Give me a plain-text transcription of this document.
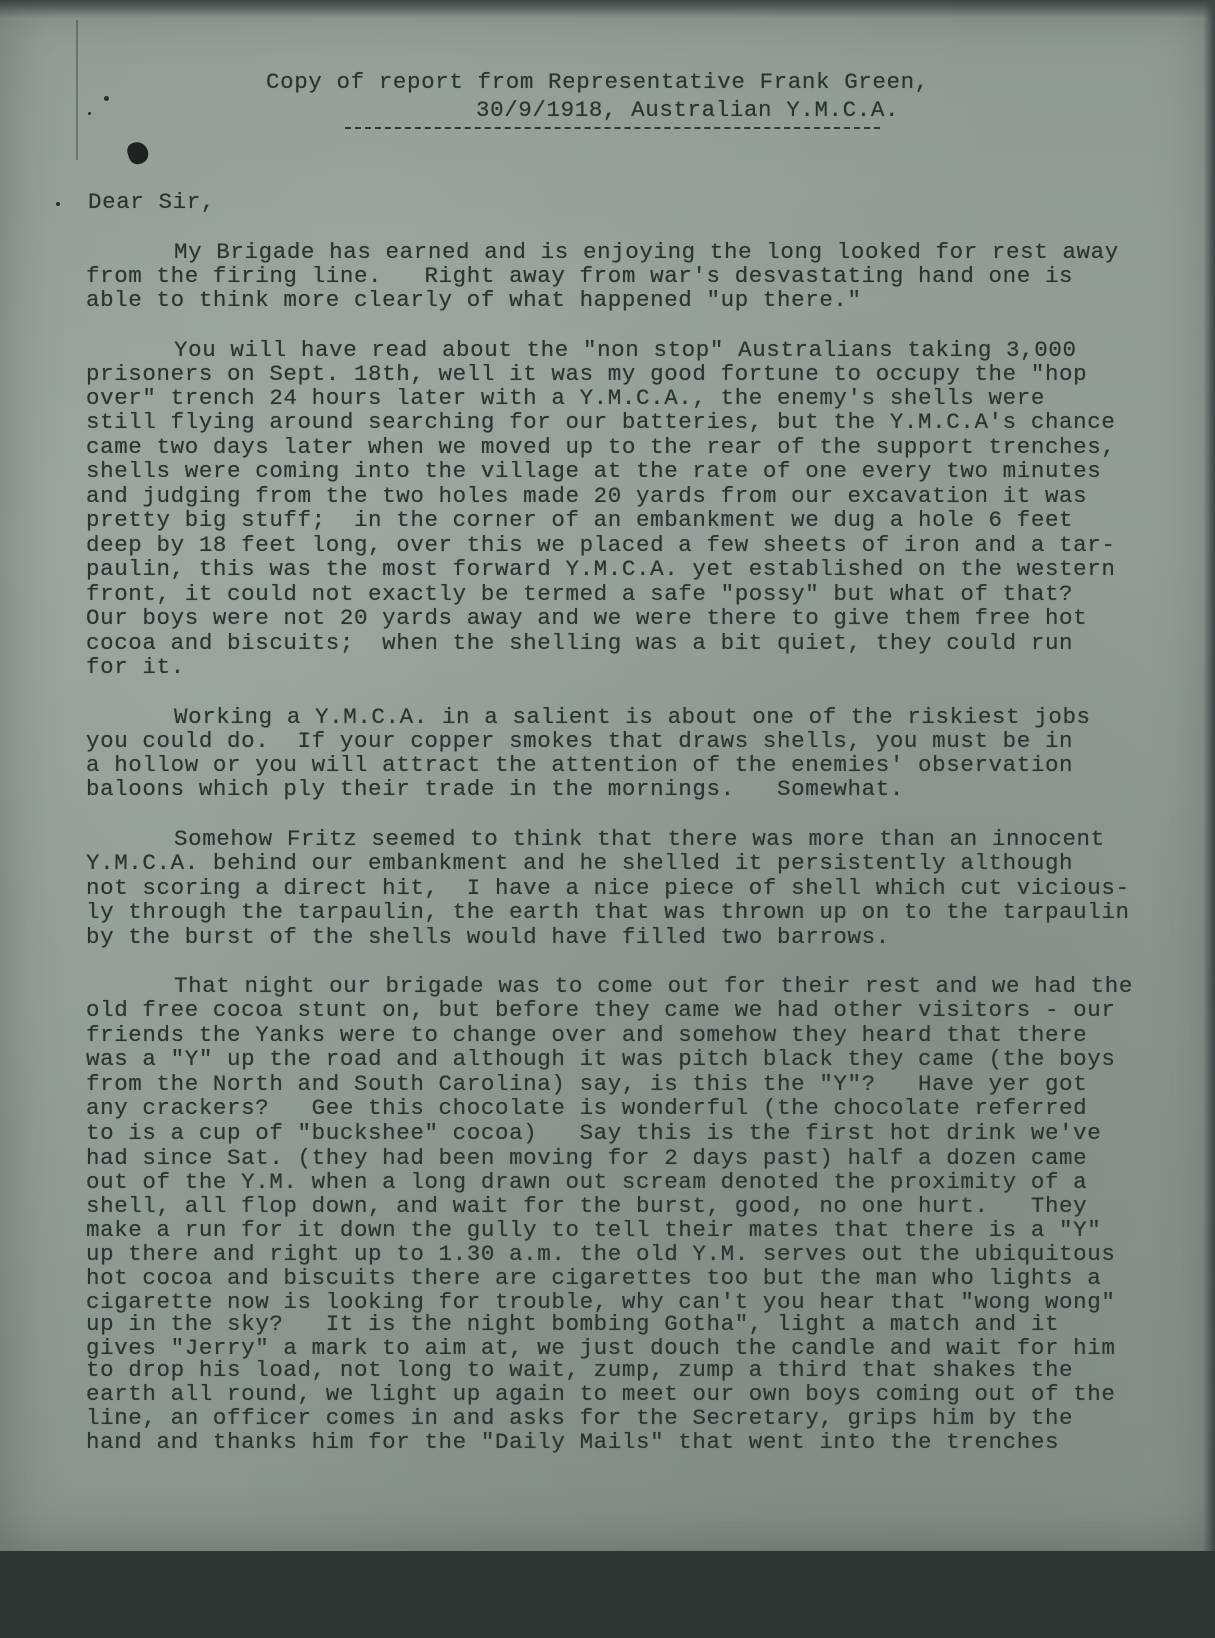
Copy of report from Representative Frank Green,

30/9/1918, Australian Y.M.C.A.

Dear Sir,

My Brigade has earned and is enjoying the long looked for rest away

from the firing line.   Right away from war's desvastating hand one is

able to think more clearly of what happened "up there."

You will have read about the "non stop" Australians taking 3,000

prisoners on Sept. 18th, well it was my good fortune to occupy the "hop

over" trench 24 hours later with a Y.M.C.A., the enemy's shells were

still flying around searching for our batteries, but the Y.M.C.A's chance

came two days later when we moved up to the rear of the support trenches,

shells were coming into the village at the rate of one every two minutes

and judging from the two holes made 20 yards from our excavation it was

pretty big stuff;  in the corner of an embankment we dug a hole 6 feet

deep by 18 feet long, over this we placed a few sheets of iron and a tar-

paulin, this was the most forward Y.M.C.A. yet established on the western

front, it could not exactly be termed a safe "possy" but what of that?

Our boys were not 20 yards away and we were there to give them free hot

cocoa and biscuits;  when the shelling was a bit quiet, they could run

for it.

Working a Y.M.C.A. in a salient is about one of the riskiest jobs

you could do.  If your copper smokes that draws shells, you must be in

a hollow or you will attract the attention of the enemies' observation

baloons which ply their trade in the mornings.   Somewhat.

Somehow Fritz seemed to think that there was more than an innocent

Y.M.C.A. behind our embankment and he shelled it persistently although

not scoring a direct hit,  I have a nice piece of shell which cut vicious-

ly through the tarpaulin, the earth that was thrown up on to the tarpaulin

by the burst of the shells would have filled two barrows.

That night our brigade was to come out for their rest and we had the

old free cocoa stunt on, but before they came we had other visitors - our

friends the Yanks were to change over and somehow they heard that there

was a "Y" up the road and although it was pitch black they came (the boys

from the North and South Carolina) say, is this the "Y"?   Have yer got

any crackers?   Gee this chocolate is wonderful (the chocolate referred

to is a cup of "buckshee" cocoa)   Say this is the first hot drink we've

had since Sat. (they had been moving for 2 days past) half a dozen came

out of the Y.M. when a long drawn out scream denoted the proximity of a

shell, all flop down, and wait for the burst, good, no one hurt.   They

make a run for it down the gully to tell their mates that there is a "Y"

up there and right up to 1.30 a.m. the old Y.M. serves out the ubiquitous

hot cocoa and biscuits there are cigarettes too but the man who lights a

cigarette now is looking for trouble, why can't you hear that "wong wong"

up in the sky?   It is the night bombing Gotha", light a match and it

gives "Jerry" a mark to aim at, we just douch the candle and wait for him

to drop his load, not long to wait, zump, zump a third that shakes the

earth all round, we light up again to meet our own boys coming out of the

line, an officer comes in and asks for the Secretary, grips him by the

hand and thanks him for the "Daily Mails" that went into the trenches
